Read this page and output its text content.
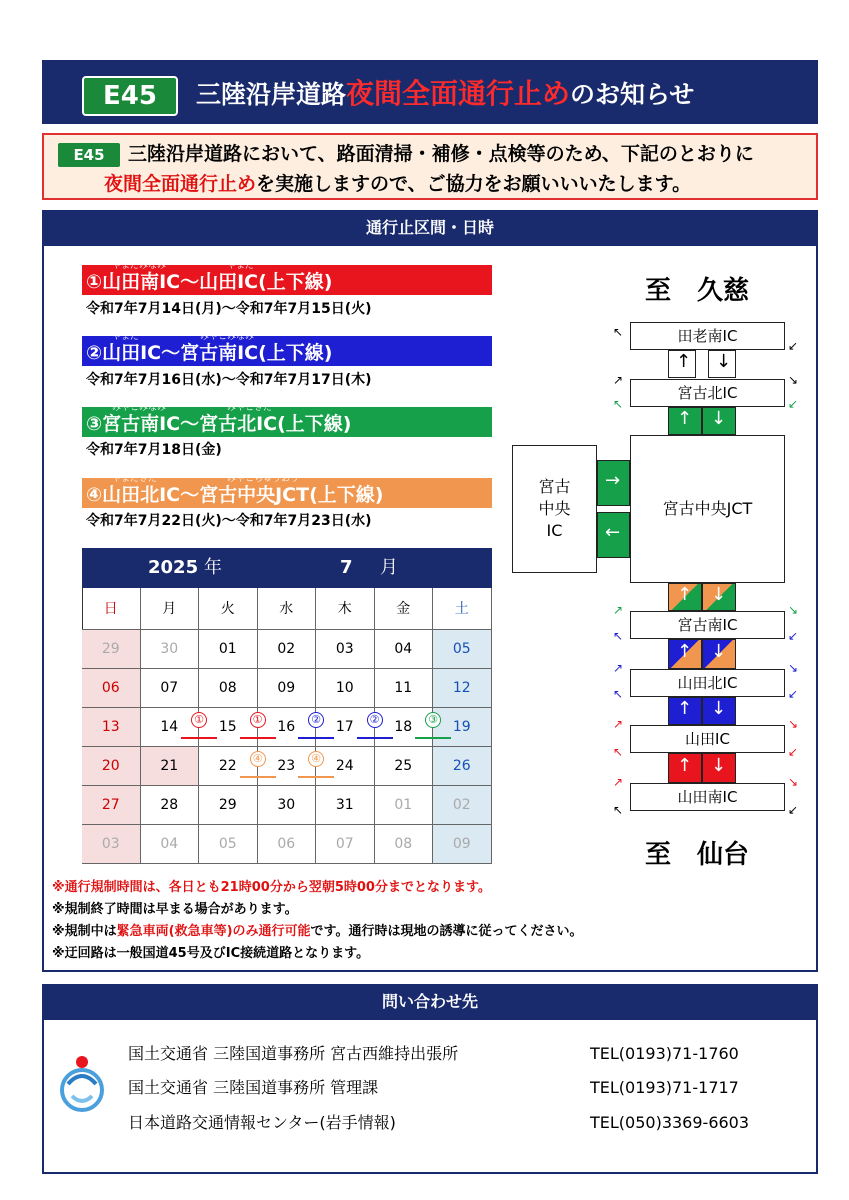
E45	三陸沿岸道路夜間全面通行止めのお知らせ
E45	三陸沿岸道路において、路面清掃・補修・点検等のため、下記のとおりに
夜間全面通行止めを実施しますので、ご協力をお願いいいたします。
通行止区間・日時
やまだみなみ	やまだ
①山田南IC～山田IC(上下線)
令和7年7月14日(月)～令和7年7月15日(火)
やまだ	みやこみなみ
②山田IC～宮古南IC(上下線)
令和7年7月16日(水)～令和7年7月17日(木)
みやこみなみ	みやこきた
③宮古南IC～宮古北IC(上下線)
令和7年7月18日(金)
やまだきた	みやこちゅうおう
④山田北IC～宮古中央JCT(上下線)
令和7年7月22日(火)～令和7年7月23日(水)
2025 年	7 月
日	月	火	水	木	金	土
29	30	01	02	03	04	05
06	07	08	09	10	11	12
13	14	15	16	17	18	19
20	21	22	23	24	25	26
27	28	29	30	31	01	02
03	04	05	06	07	08	09
①	①	②	②	③
④	④
※通行規制時間は、各日とも21時00分から翌朝5時00分までとなります。
※規制終了時間は早まる場合があります。
※規制中は緊急車両(救急車等)のみ通行可能です。通行時は現地の誘導に従ってください。
※迂回路は一般国道45号及びIC接続道路となります。
至　久慈
↖
↙
田老南IC
↑ ↓
↗	↘
宮古北IC
↖	↙
↑ ↓
宮古中央JCT
宮古
中央
IC
→
←
↑ ↓
↗	↘
宮古南IC
↖	↙
↑ ↓
↗	↘
山田北IC
↖	↙
↑ ↓
↗	↘
山田IC
↖	↙
↑ ↓
↗	↘
山田南IC
↖	↙
至　仙台
問い合わせ先
国土交通省 三陸国道事務所 宮古西維持出張所	TEL(0193)71-1760
国土交通省 三陸国道事務所 管理課	TEL(0193)71-1717
日本道路交通情報センター(岩手情報)	TEL(050)3369-6603
